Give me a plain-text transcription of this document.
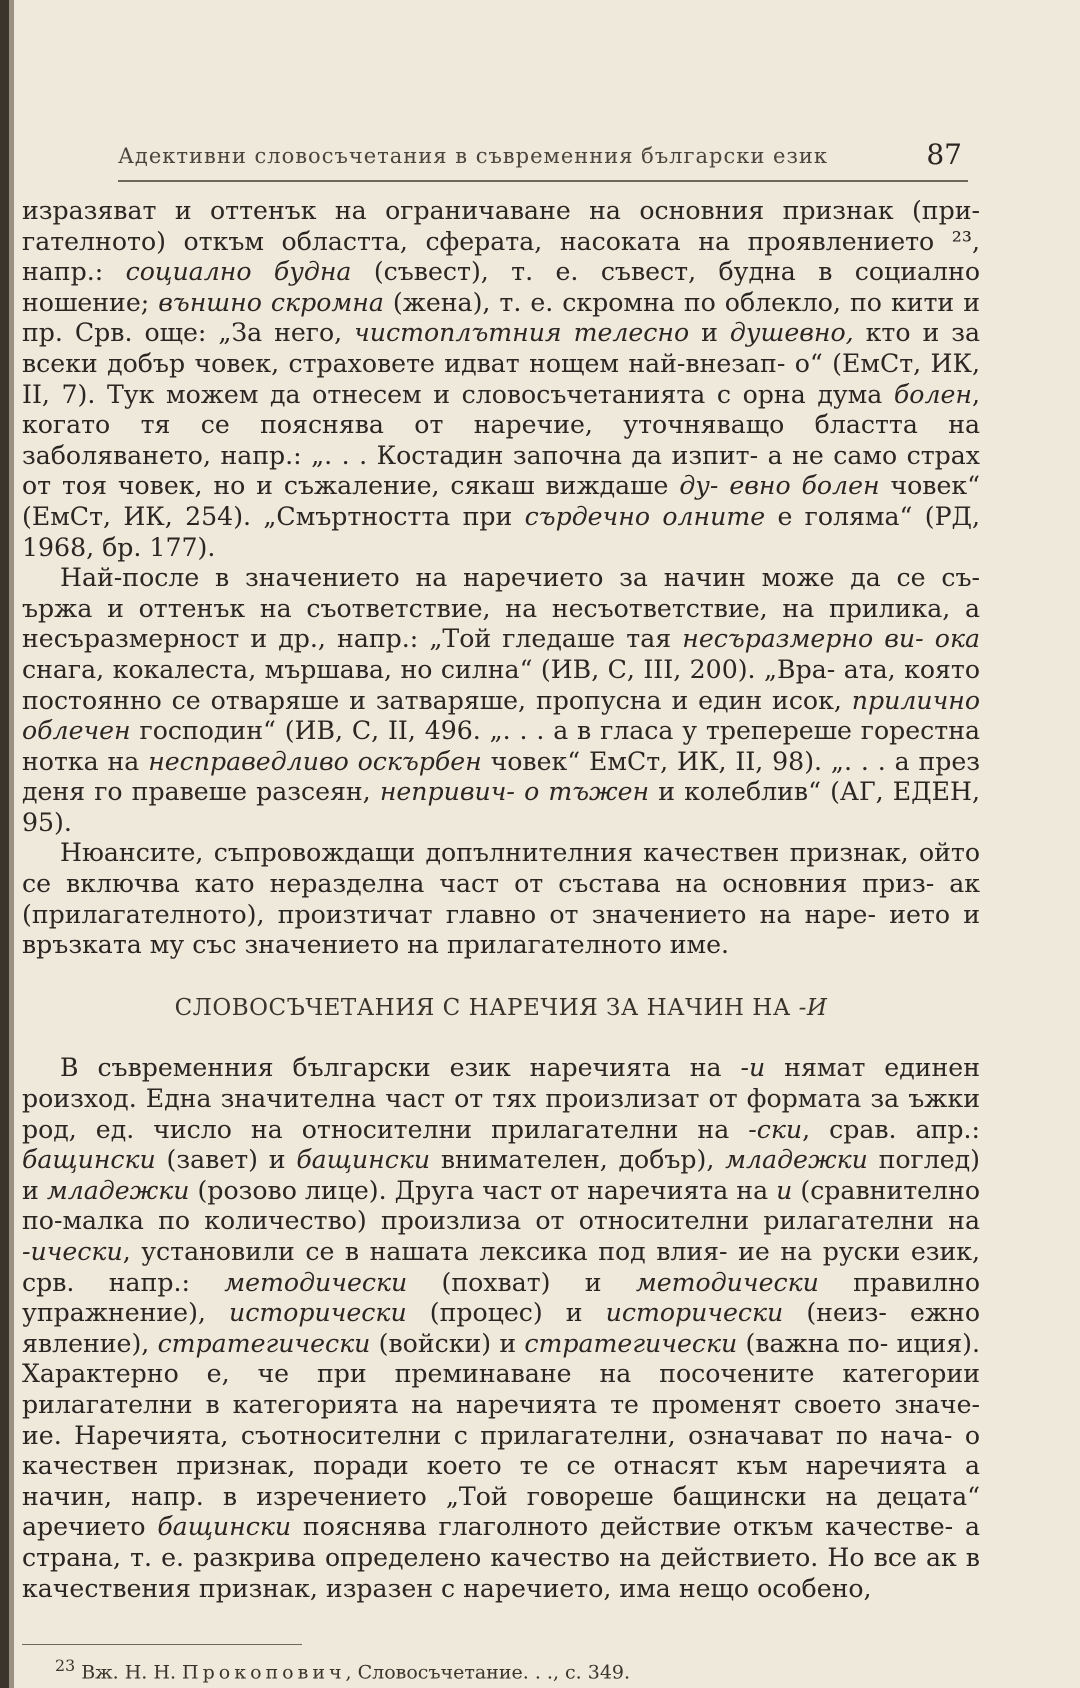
Адективни словосъчетания в съвременния български език	87

изразяват и оттенък на ограничаване на основния признак (при- гателното) откъм областта, сферата, насоката на проявлението ²³, напр.: социално будна (съвест), т. е. съвест, будна в социално ношение; външно скромна (жена), т. е. скромна по облекло, по кити и пр. Срв. още: „За него, чистоплътния телесно и душевно, кто и за всеки добър човек, страховете идват нощем най-внезап- о“ (ЕмСт, ИК, II, 7). Тук можем да отнесем и словосъчетанията с орна дума болен, когато тя се пояснява от наречие, уточняващо бластта на заболяването, напр.: „. . . Костадин започна да изпит- а не само страх от тоя човек, но и съжаление, сякаш виждаше ду- евно болен човек“ (ЕмСт, ИК, 254). „Смъртността при сърдечно олните е голяма“ (РД, 1968, бр. 177).

Най-после в значението на наречието за начин може да се съ- ържа и оттенък на съответствие, на несъответствие, на прилика, а несъразмерност и др., напр.: „Той гледаше тая несъразмерно ви- ока снага, кокалеста, мършава, но силна“ (ИВ, С, III, 200). „Вра- ата, която постоянно се отваряше и затваряше, пропусна и един исок, прилично облечен господин“ (ИВ, С, II, 496. „. . . а в гласа у трепереше горестна нотка на несправедливо оскърбен човек“ ЕмСт, ИК, II, 98). „. . . а през деня го правеше разсеян, непривич- о тъжен и колеблив“ (АГ, ЕДЕН, 95).

Нюансите, съпровождащи допълнителния качествен признак, ойто се включва като неразделна част от състава на основния приз- ак (прилагателното), произтичат главно от значението на наре- ието и връзката му със значението на прилагателното име.

СЛОВОСЪЧЕТАНИЯ С НАРЕЧИЯ ЗА НАЧИН НА -И

В съвременния български език наречията на -и нямат единен роизход. Една значителна част от тях произлизат от формата за ъжки род, ед. число на относителни прилагателни на -ски, срав. апр.: бащински (завет) и бащински внимателен, добър), младежки поглед) и младежки (розово лице). Друга част от наречията на и (сравнително по-малка по количество) произлиза от относителни рилагателни на -ически, установили се в нашата лексика под влия- ие на руски език, срв. напр.: методически (похват) и методически правилно упражнение), исторически (процес) и исторически (неиз- ежно явление), стратегически (войски) и стратегически (важна по- иция). Характерно е, че при преминаване на посочените категории рилагателни в категорията на наречията те променят своето значе- ие. Наречията, съотносителни с прилагателни, означават по нача- о качествен признак, поради което те се отнасят към наречията а начин, напр. в изречението „Той говореше бащински на децата“ аречието бащински пояснява глаголното действие откъм качестве- а страна, т. е. разкрива определено качество на действието. Но все ак в качествения признак, изразен с наречието, има нещо особено,

$^{23}$ Вж. Н. Н. Прокопович, Словосъчетание. . ., с. 349.
